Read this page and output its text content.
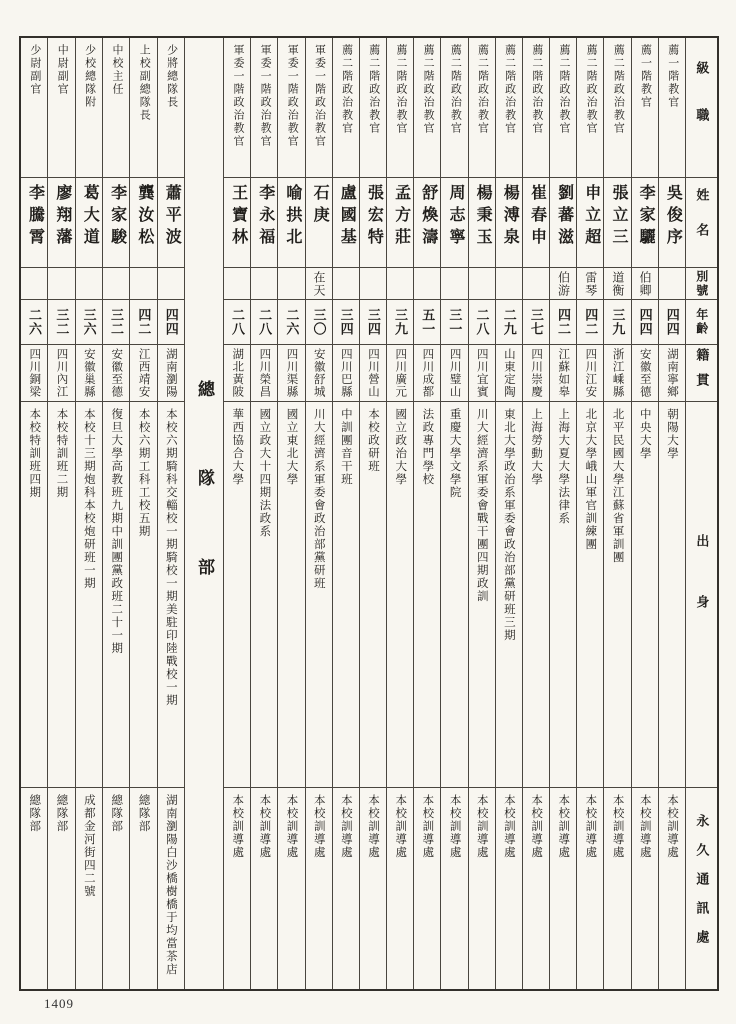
級職
姓名
別號
年齡
籍貫
出身
永久通訊處
薦一階教官
吳俊序
四四
湖南寧鄉
朝陽大學
本校訓導處
薦一階教官
李家驪
伯卿
四四
安徽至德
中央大學
本校訓導處
薦二階政治教官
張立三
道衡
三九
浙江嵊縣
北平民國大學江蘇省軍訓團
本校訓導處
薦二階政治教官
申立超
雷琴
四二
四川江安
北京大學峨山軍官訓練團
本校訓導處
薦二階政治教官
劉蕃滋
伯游
四二
江蘇如皋
上海大夏大學法律系
本校訓導處
薦二階政治教官
崔春申
三七
四川崇慶
上海勞動大學
本校訓導處
薦二階政治教官
楊溥泉
二九
山東定陶
東北大學政治系軍委會政治部黨研班三期
本校訓導處
薦二階政治教官
楊秉玉
二八
四川宜賓
川大經濟系軍委會戰干團四期政訓
本校訓導處
薦二階政治教官
周志寧
三一
四川璧山
重慶大學文學院
本校訓導處
薦二階政治教官
舒煥濤
五一
四川成都
法政專門學校
本校訓導處
薦二階政治教官
孟方莊
三九
四川廣元
國立政治大學
本校訓導處
薦二階政治教官
張宏特
三四
四川營山
本校政研班
本校訓導處
薦二階政治教官
盧國基
三四
四川巴縣
中訓團音干班
本校訓導處
軍委一階政治教官
石庚
在天
三〇
安徽舒城
川大經濟系軍委會政治部黨研班
本校訓導處
軍委一階政治教官
喻拱北
二六
四川渠縣
國立東北大學
本校訓導處
軍委一階政治教官
李永福
二八
四川榮昌
國立政大十四期法政系
本校訓導處
軍委一階政治教官
王寶林
二八
湖北黃陂
華西協合大學
本校訓導處
總隊部
少將總隊長
蕭平波
四四
湖南瀏陽
本校六期騎科交輜校一期騎校一期美駐印陸戰校一期
湖南瀏陽白沙橋樹橋于均當茶店
上校副總隊長
龔汝松
四二
江西靖安
本校六期工科工校五期
總隊部
中校主任
李家駿
三二
安徽至德
復旦大學高教班九期中訓團黨政班二十一期
總隊部
少校總隊附
葛大道
三六
安徽巢縣
本校十三期炮科本校炮研班一期
成都金河街四二號
中尉副官
廖翔藩
三二
四川內江
本校特訓班二期
總隊部
少尉副官
李騰霄
二六
四川銅梁
本校特訓班四期
總隊部
1409
